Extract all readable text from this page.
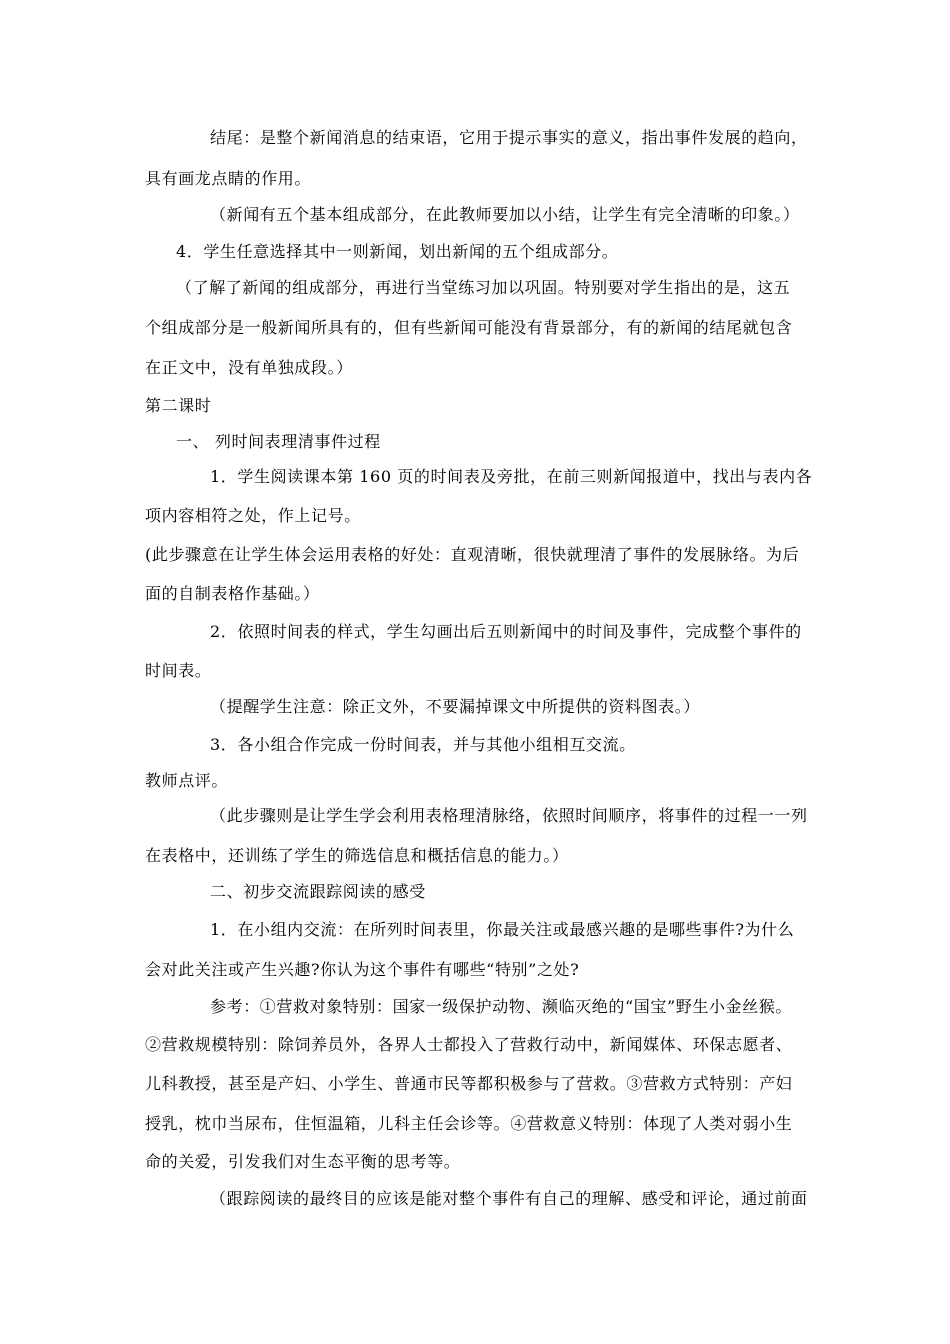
结尾：是整个新闻消息的结束语，它用于提示事实的意义，指出事件发展的趋向，
具有画龙点睛的作用。
（新闻有五个基本组成部分，在此教师要加以小结，让学生有完全清晰的印象。）
4．学生任意选择其中一则新闻，划出新闻的五个组成部分。
（了解了新闻的组成部分，再进行当堂练习加以巩固。特别要对学生指出的是，这五
个组成部分是一般新闻所具有的，但有些新闻可能没有背景部分，有的新闻的结尾就包含
在正文中，没有单独成段。）
第二课时
一、 列时间表理清事件过程
1．学生阅读课本第 160 页的时间表及旁批，在前三则新闻报道中，找出与表内各
项内容相符之处，作上记号。
(此步骤意在让学生体会运用表格的好处：直观清晰，很快就理清了事件的发展脉络。为后
面的自制表格作基础。）
2．依照时间表的样式，学生勾画出后五则新闻中的时间及事件，完成整个事件的
时间表。
（提醒学生注意：除正文外，不要漏掉课文中所提供的资料图表。）
3．各小组合作完成一份时间表，并与其他小组相互交流。
教师点评。
（此步骤则是让学生学会利用表格理清脉络，依照时间顺序，将事件的过程一一列
在表格中，还训练了学生的筛选信息和概括信息的能力。）
二、初步交流跟踪阅读的感受
1．在小组内交流：在所列时间表里，你最关注或最感兴趣的是哪些事件?为什么
会对此关注或产生兴趣?你认为这个事件有哪些“特别”之处?
参考：①营救对象特别：国家一级保护动物、濒临灭绝的“国宝”野生小金丝猴。
②营救规模特别：除饲养员外，各界人士都投入了营救行动中，新闻媒体、环保志愿者、
儿科教授，甚至是产妇、小学生、普通市民等都积极参与了营救。③营救方式特别：产妇
授乳，枕巾当尿布，住恒温箱，儿科主任会诊等。④营救意义特别：体现了人类对弱小生
命的关爱，引发我们对生态平衡的思考等。
（跟踪阅读的最终目的应该是能对整个事件有自己的理解、感受和评论，通过前面
